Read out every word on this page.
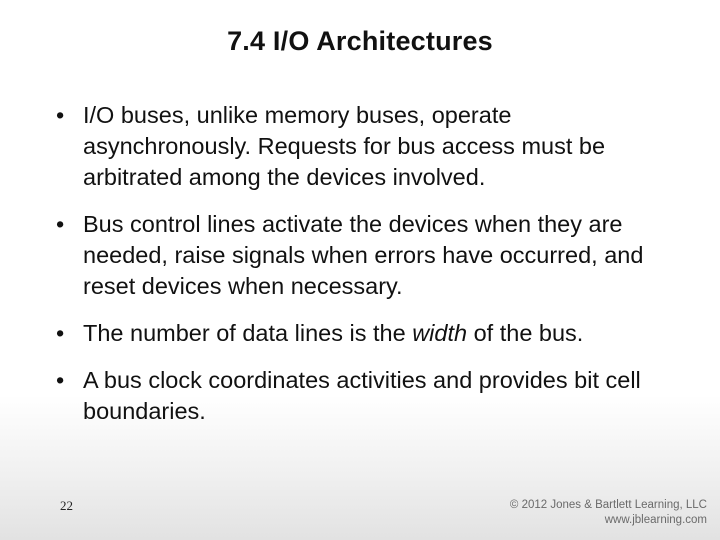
7.4 I/O Architectures
• I/O buses, unlike memory buses, operate asynchronously. Requests for bus access must be arbitrated among the devices involved.
• Bus control lines activate the devices when they are needed, raise signals when errors have occurred, and reset devices when necessary.
• The number of data lines is the width of the bus.
• A bus clock coordinates activities and provides bit cell boundaries.
22	© 2012 Jones & Bartlett Learning, LLC
www.jblearning.com
